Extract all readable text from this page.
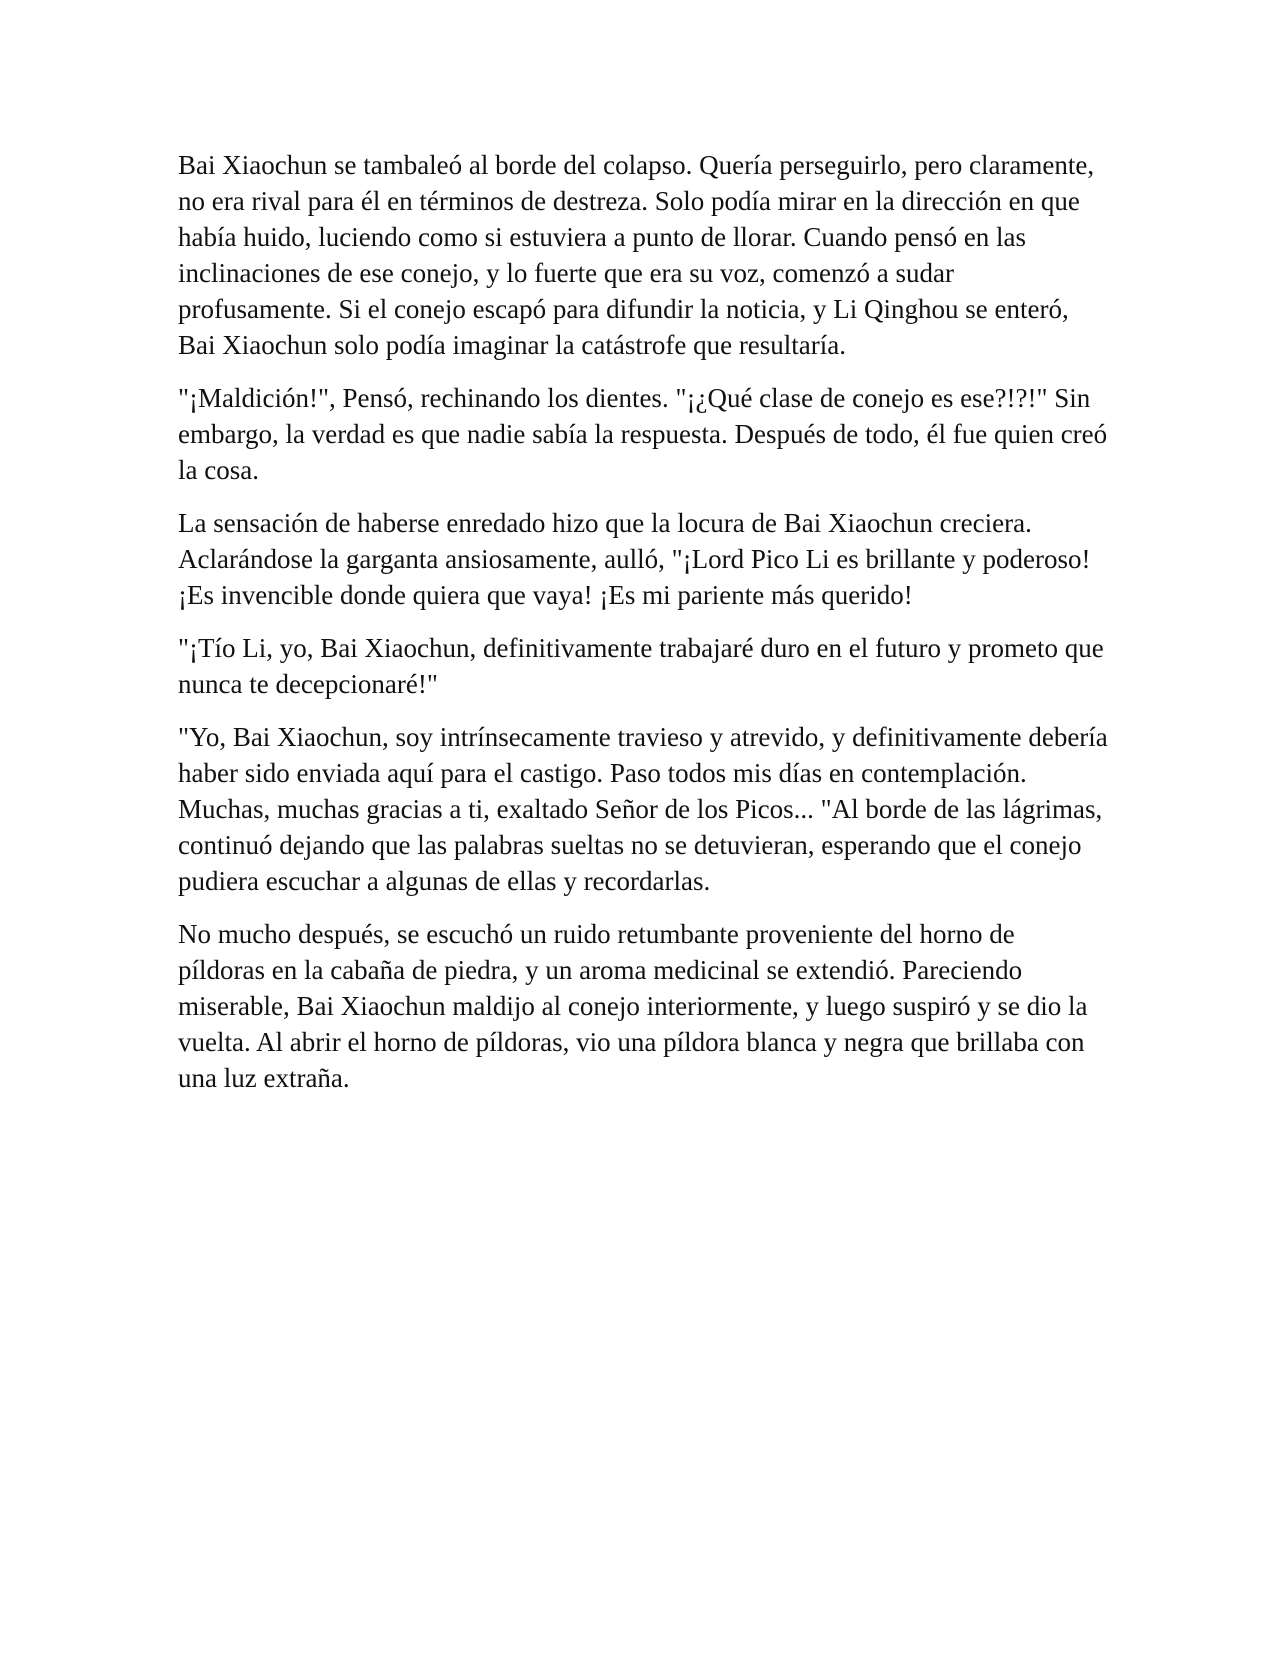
Bai Xiaochun se tambaleó al borde del colapso. Quería perseguirlo, pero claramente, no era rival para él en términos de destreza. Solo podía mirar en la dirección en que había huido, luciendo como si estuviera a punto de llorar. Cuando pensó en las inclinaciones de ese conejo, y lo fuerte que era su voz, comenzó a sudar profusamente. Si el conejo escapó para difundir la noticia, y Li Qinghou se enteró, Bai Xiaochun solo podía imaginar la catástrofe que resultaría.

"¡Maldición!", Pensó, rechinando los dientes. "¡¿Qué clase de conejo es ese?!?!" Sin embargo, la verdad es que nadie sabía la respuesta. Después de todo, él fue quien creó la cosa.

La sensación de haberse enredado hizo que la locura de Bai Xiaochun creciera. Aclarándose la garganta ansiosamente, aulló, "¡Lord Pico Li es brillante y poderoso! ¡Es invencible donde quiera que vaya! ¡Es mi pariente más querido!

"¡Tío Li, yo, Bai Xiaochun, definitivamente trabajaré duro en el futuro y prometo que nunca te decepcionaré!"

"Yo, Bai Xiaochun, soy intrínsecamente travieso y atrevido, y definitivamente debería haber sido enviada aquí para el castigo. Paso todos mis días en contemplación. Muchas, muchas gracias a ti, exaltado Señor de los Picos... "Al borde de las lágrimas, continuó dejando que las palabras sueltas no se detuvieran, esperando que el conejo pudiera escuchar a algunas de ellas y recordarlas.

No mucho después, se escuchó un ruido retumbante proveniente del horno de píldoras en la cabaña de piedra, y un aroma medicinal se extendió. Pareciendo miserable, Bai Xiaochun maldijo al conejo interiormente, y luego suspiró y se dio la vuelta. Al abrir el horno de píldoras, vio una píldora blanca y negra que brillaba con una luz extraña.
